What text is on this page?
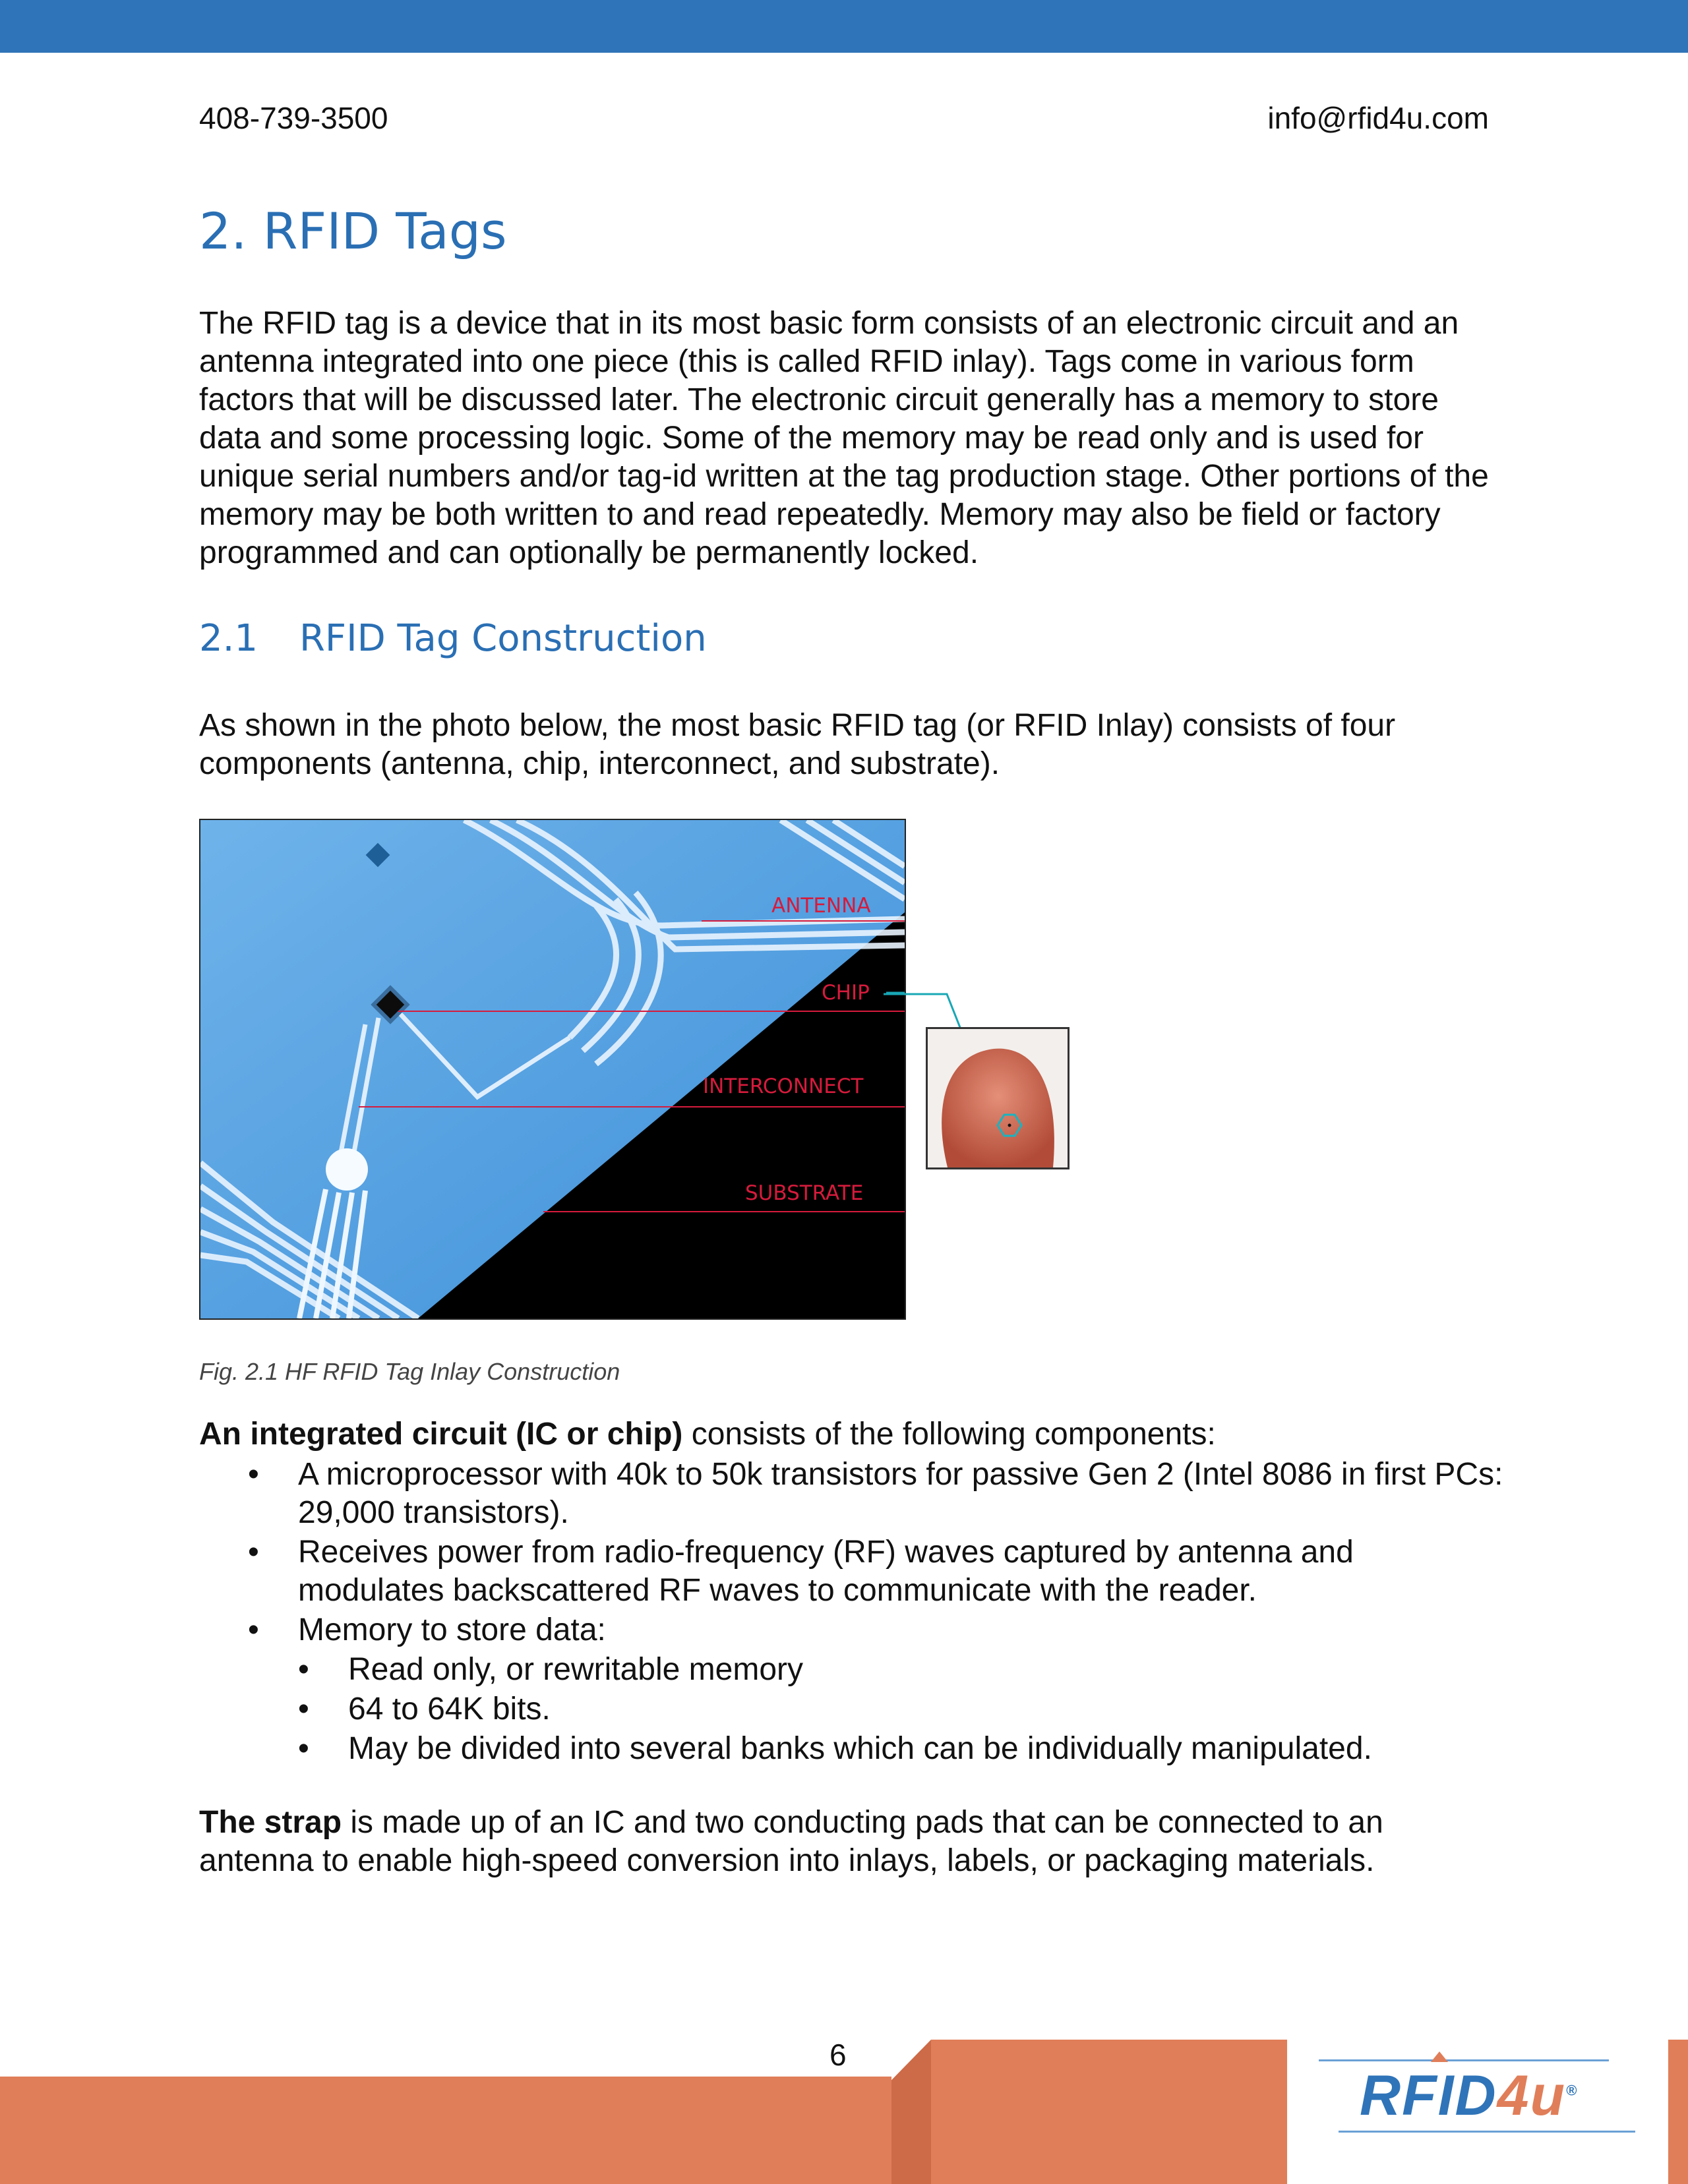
408-739-3500	info@rfid4u.com
2. RFID Tags

The RFID tag is a device that in its most basic form consists of an electronic circuit and an antenna integrated into one piece (this is called RFID inlay). Tags come in various form factors that will be discussed later. The electronic circuit generally has a memory to store data and some processing logic. Some of the memory may be read only and is used for unique serial numbers and/or tag-id written at the tag production stage. Other portions of the memory may be both written to and read repeatedly. Memory may also be field or factory programmed and can optionally be permanently locked.

2.1 RFID Tag Construction

As shown in the photo below, the most basic RFID tag (or RFID Inlay) consists of four components (antenna, chip, interconnect, and substrate).

ANTENNA
CHIP
INTERCONNECT
SUBSTRATE

Fig. 2.1 HF RFID Tag Inlay Construction

An integrated circuit (IC or chip) consists of the following components:

• A microprocessor with 40k to 50k transistors for passive Gen 2 (Intel 8086 in first PCs: 29,000 transistors).
• Receives power from radio-frequency (RF) waves captured by antenna and modulates backscattered RF waves to communicate with the reader.
• Memory to store data:
• Read only, or rewritable memory
• 64 to 64K bits.
• May be divided into several banks which can be individually manipulated.

The strap is made up of an IC and two conducting pads that can be connected to an antenna to enable high-speed conversion into inlays, labels, or packaging materials.

6
RFID4u®
